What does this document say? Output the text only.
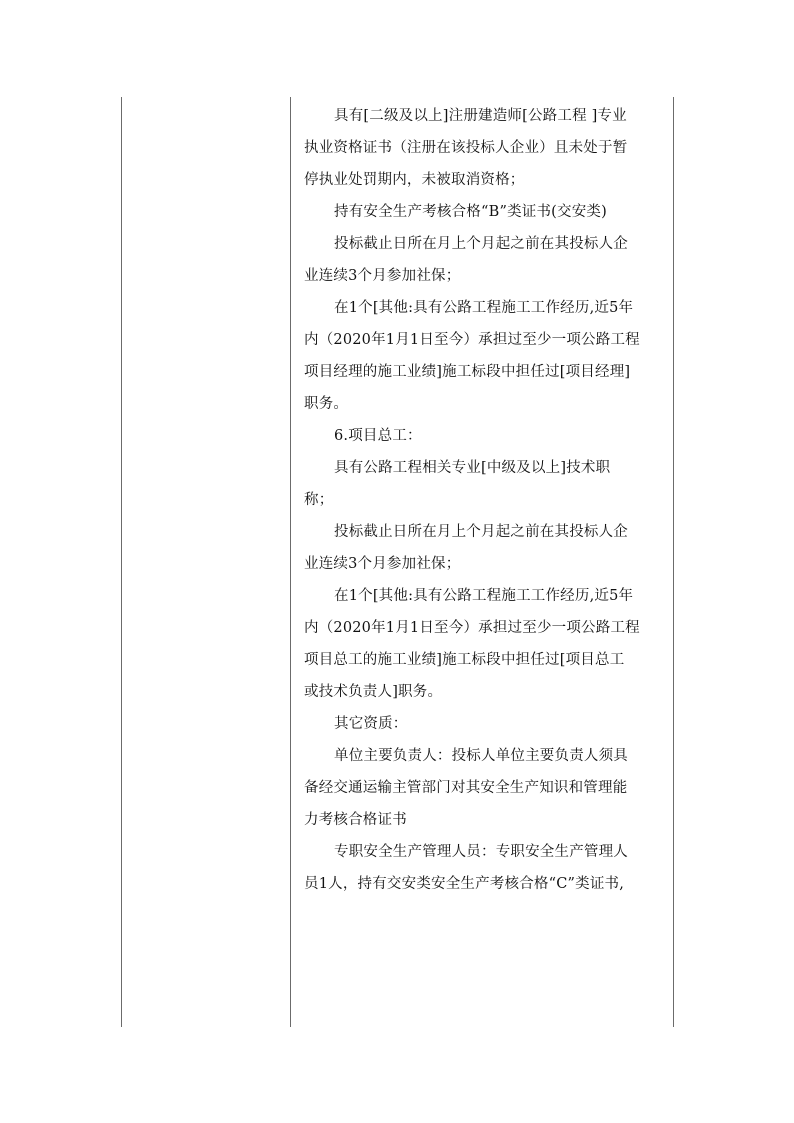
具有[二级及以上]注册建造师[公路工程 ]专业
执业资格证书（注册在该投标人企业）且未处于暂
停执业处罚期内，未被取消资格；

持有安全生产考核合格“B”类证书(交安类)

投标截止日所在月上个月起之前在其投标人企
业连续3个月参加社保；

在1个[其他:具有公路工程施工工作经历,近5年
内（2020年1月1日至今）承担过至少一项公路工程
项目经理的施工业绩]施工标段中担任过[项目经理]
职务。

6.项目总工：

具有公路工程相关专业[中级及以上]技术职
称；

投标截止日所在月上个月起之前在其投标人企
业连续3个月参加社保；

在1个[其他:具有公路工程施工工作经历,近5年
内（2020年1月1日至今）承担过至少一项公路工程
项目总工的施工业绩]施工标段中担任过[项目总工
或技术负责人]职务。

其它资质：

单位主要负责人：投标人单位主要负责人须具
备经交通运输主管部门对其安全生产知识和管理能
力考核合格证书

专职安全生产管理人员：专职安全生产管理人
员1人，持有交安类安全生产考核合格“C”类证书,
